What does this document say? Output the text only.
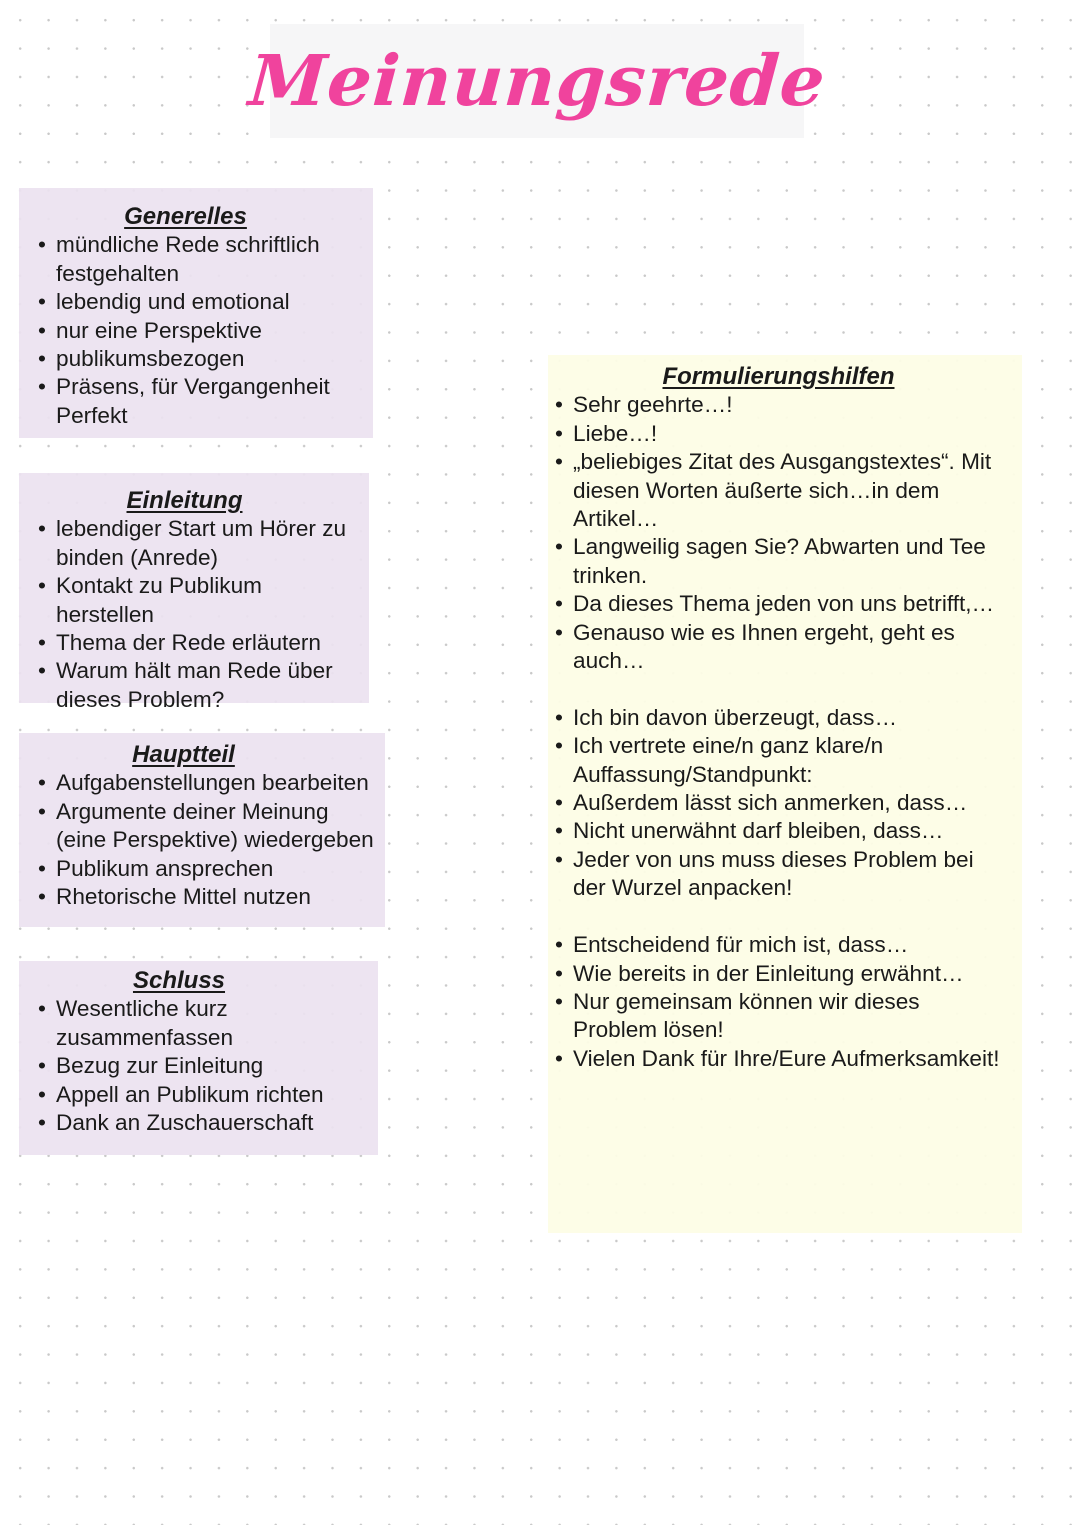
Meinungsrede
Generelles
• mündliche Rede schriftlich festgehalten
• lebendig und emotional
• nur eine Perspektive
• publikumsbezogen
• Präsens, für Vergangenheit Perfekt
Einleitung
• lebendiger Start um Hörer zu binden (Anrede)
• Kontakt zu Publikum herstellen
• Thema der Rede erläutern
• Warum hält man Rede über dieses Problem?
Hauptteil
• Aufgabenstellungen bearbeiten
• Argumente deiner Meinung (eine Perspektive) wiedergeben
• Publikum ansprechen
• Rhetorische Mittel nutzen
Schluss
• Wesentliche kurz zusammenfassen
• Bezug zur Einleitung
• Appell an Publikum richten
• Dank an Zuschauerschaft
Formulierungshilfen
• Sehr geehrte…!
• Liebe…!
• „beliebiges Zitat des Ausgangstextes“. Mit diesen Worten äußerte sich…in dem Artikel…
• Langweilig sagen Sie? Abwarten und Tee trinken.
• Da dieses Thema jeden von uns betrifft,…
• Genauso wie es Ihnen ergeht, geht es auch…
• Ich bin davon überzeugt, dass…
• Ich vertrete eine/n ganz klare/n Auffassung/Standpunkt:
• Außerdem lässt sich anmerken, dass…
• Nicht unerwähnt darf bleiben, dass…
• Jeder von uns muss dieses Problem bei der Wurzel anpacken!
• Entscheidend für mich ist, dass…
• Wie bereits in der Einleitung erwähnt…
• Nur gemeinsam können wir dieses Problem lösen!
• Vielen Dank für Ihre/Eure Aufmerksamkeit!
